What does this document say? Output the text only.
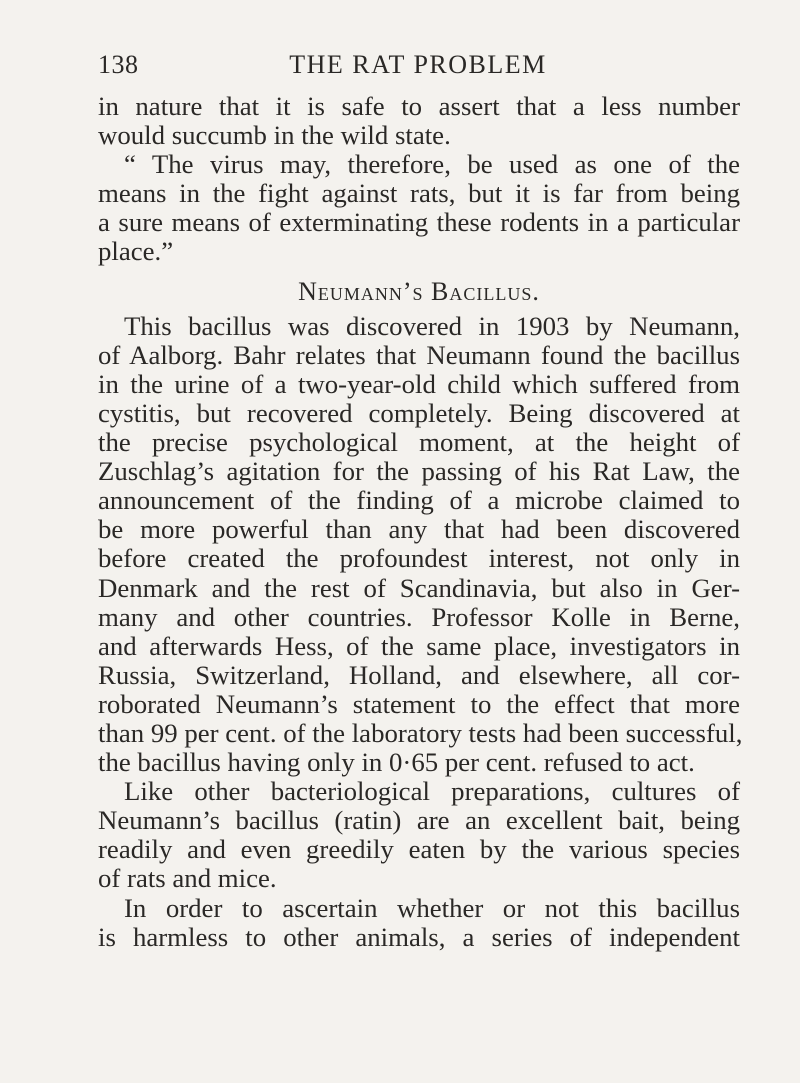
138	THE RAT PROBLEM
in nature that it is safe to assert that a less number
would succumb in the wild state.
“ The virus may, therefore, be used as one of the
means in the fight against rats, but it is far from being
a sure means of exterminating these rodents in a particular
place.”
Neumann’s Bacillus.
This bacillus was discovered in 1903 by Neumann,
of Aalborg. Bahr relates that Neumann found the bacillus
in the urine of a two-year-old child which suffered from
cystitis, but recovered completely. Being discovered at
the precise psychological moment, at the height of
Zuschlag’s agitation for the passing of his Rat Law, the
announcement of the finding of a microbe claimed to
be more powerful than any that had been discovered
before created the profoundest interest, not only in
Denmark and the rest of Scandinavia, but also in Ger-
many and other countries. Professor Kolle in Berne,
and afterwards Hess, of the same place, investigators in
Russia, Switzerland, Holland, and elsewhere, all cor-
roborated Neumann’s statement to the effect that more
than 99 per cent. of the laboratory tests had been successful,
the bacillus having only in 0·65 per cent. refused to act.
Like other bacteriological preparations, cultures of
Neumann’s bacillus (ratin) are an excellent bait, being
readily and even greedily eaten by the various species
of rats and mice.
In order to ascertain whether or not this bacillus
is harmless to other animals, a series of independent
